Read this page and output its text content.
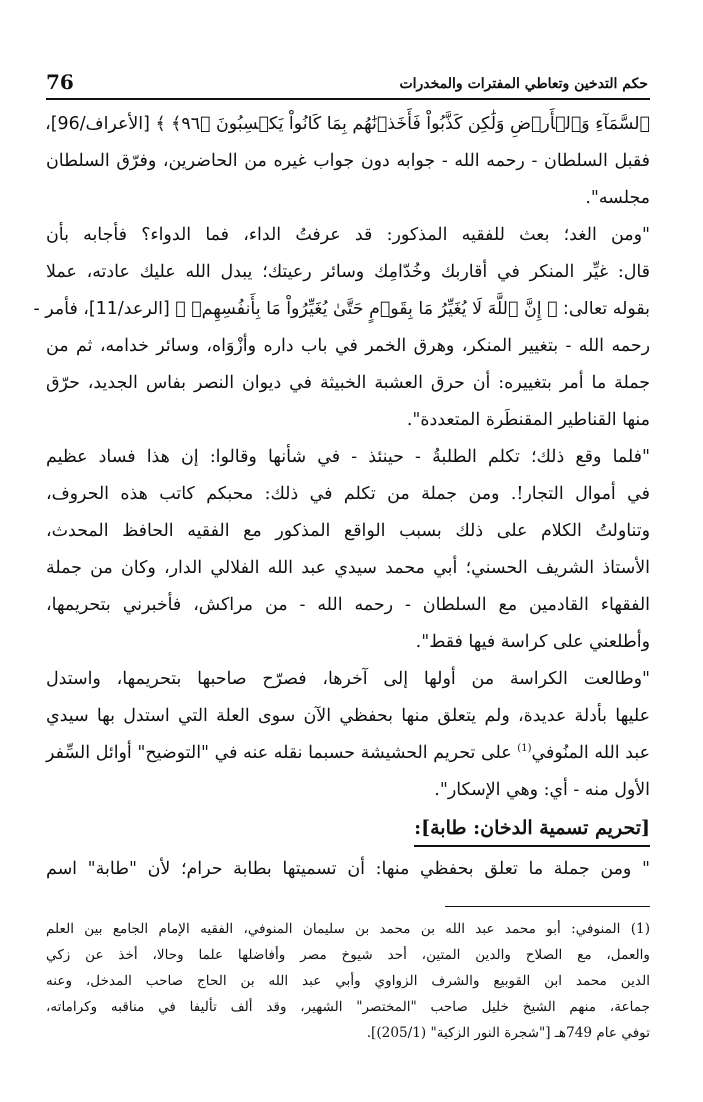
حكم التدخين وتعاطي المفترات والمخدرات
76

ٱلسَّمَآءِ وَٱلۡأَرۡضِ وَلَٰكِن كَذَّبُواْ فَأَخَذۡنَٰهُم بِمَا كَانُواْ يَكۡسِبُونَ ﴿٩٦﴾ ﴾ [الأعراف/96]،
فقبل السلطان - رحمه الله - جوابه دون جواب غيره من الحاضرين، وفرّق السلطان
مجلسه".

"ومن الغد؛ بعث للفقيه المذكور: قد عرفتُ الداء، فما الدواء؟ فأجابه بأن
قال: غيِّر المنكر في أقاربك وخُدّامِك وسائر رعيتك؛ يبدل الله عليك عادته، عملا
بقوله تعالى: ﴿ إِنَّ ٱللَّهَ لَا يُغَيِّرُ مَا بِقَوۡمٍ حَتَّىٰ يُغَيِّرُواْ مَا بِأَنفُسِهِمۡ ﴾ [الرعد/11]، فأمر -
رحمه الله - بتغيير المنكر، وهرق الخمر في باب داره وأزْوَاه، وسائر خدامه، ثم من
جملة ما أمر بتغييره: أن حرق العشبة الخبيثة في ديوان النصر بفاس الجديد، حرّق
منها القناطير المقنطَرة المتعددة".

"فلما وقع ذلك؛ تكلم الطلبةُ - حينئذ - في شأنها وقالوا: إن هذا فساد عظيم
في أموال التجار!. ومن جملة من تكلم في ذلك: محبكم كاتب هذه الحروف،
وتناولتُ الكلام على ذلك بسبب الواقع المذكور مع الفقيه الحافظ المحدث،
الأستاذ الشريف الحسني؛ أبي محمد سيدي عبد الله الفلالي الدار، وكان من جملة
الفقهاء القادمين مع السلطان - رحمه الله - من مراكش، فأخبرني بتحريمها،
وأطلعني على كراسة فيها فقط".

"وطالعت الكراسة من أولها إلى آخرها، فصرّح صاحبها بتحريمها، واستدل
عليها بأدلة عديدة، ولم يتعلق منها بحفظي الآن سوى العلة التي استدل بها سيدي
عبد الله المنُوفي$^{(1)}$ على تحريم الحشيشة حسبما نقله عنه في "التوضيح" أوائل السِّفر
الأول منه - أي: وهي الإسكار".

[تحريم تسمية الدخان: طابة]:

" ومن جملة ما تعلق بحفظي منها: أن تسميتها بطابة حرام؛ لأن "طابة" اسم

(1) المنوفي: أبو محمد عبد الله بن محمد بن سليمان المنوفي، الفقيه الإمام الجامع بين العلم
والعمل، مع الصلاح والدين المتين، أحد شيوخ مصر وأفاضلها علما وحالا، أخذ عن زكي
الدين محمد ابن القوبيع والشرف الزواوي وأبي عبد الله بن الحاج صاحب المدخل، وعنه
جماعة، منهم الشيخ خليل صاحب "المختصر" الشهير، وقد ألف تأليفا في مناقبه وكراماته،
توفي عام 749هـ ["شجرة النور الزكية" (205/1)].
